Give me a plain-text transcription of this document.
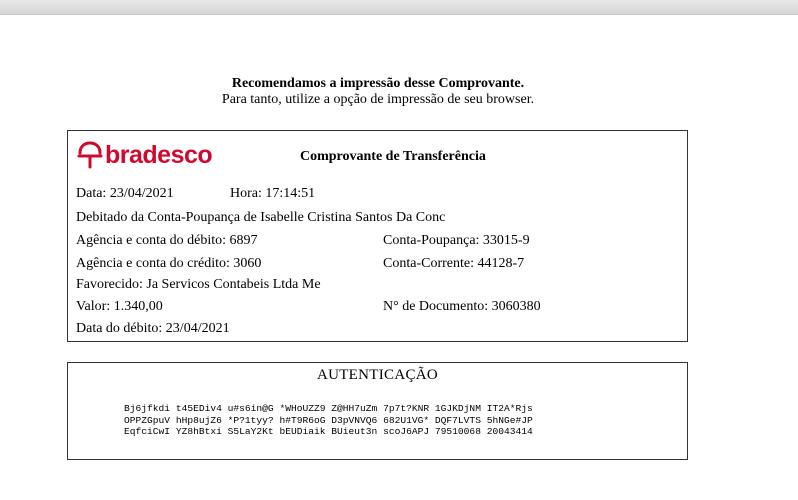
Recomendamos a impressão desse Comprovante.
Para tanto, utilize a opção de impressão de seu browser.
bradesco	Comprovante de Transferência
Data: 23/04/2021	Hora: 17:14:51
Debitado da Conta-Poupança de Isabelle Cristina Santos Da Conc
Agência e conta do débito: 6897	Conta-Poupança: 33015-9
Agência e conta do crédito: 3060	Conta-Corrente: 44128-7
Favorecido: Ja Servicos Contabeis Ltda Me
Valor: 1.340,00	N° de Documento: 3060380
Data do débito: 23/04/2021
AUTENTICAÇÃO
Bj6jfkdi t45EDiv4 u#s6in@G *WHoUZZ9 Z@HH7uZm 7p7t?KNR 1GJKDjNM IT2A*Rjs
OPPZGpuV hHp8ujZ6 *P?1tyy? h#T9R6oG D3pVNVQ6 682U1VG* DQF7LVTS 5hNGe#JP
EqfciCwI YZ8hBtxi S5LaY2Kt bEUDiaik BUieut3n scoJ6APJ 79510068 20043414
